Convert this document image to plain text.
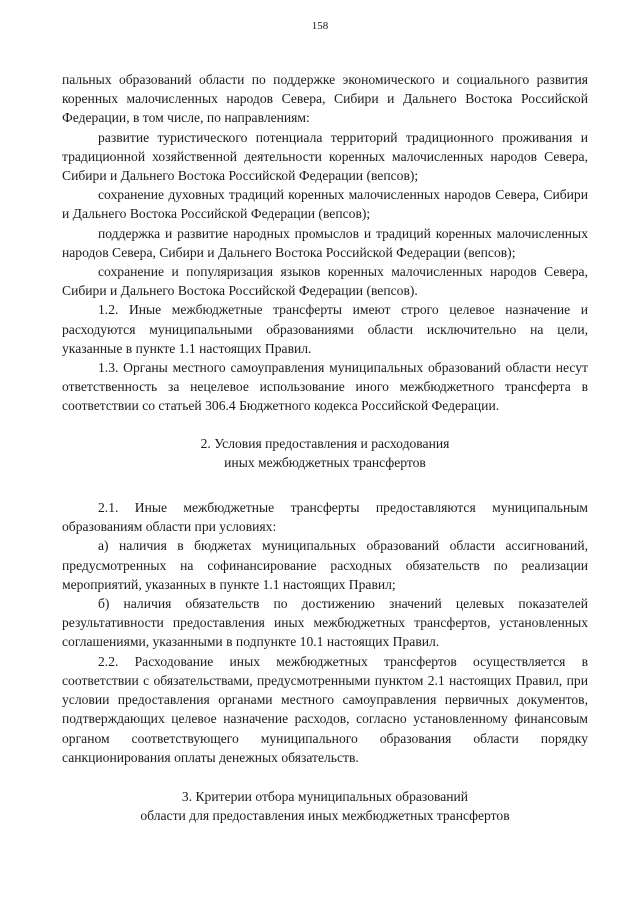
158

пальных образований области по поддержке экономического и социального развития коренных малочисленных народов Севера, Сибири и Дальнего Востока Российской Федерации, в том числе, по направлениям:

развитие туристического потенциала территорий традиционного проживания и традиционной хозяйственной деятельности коренных малочисленных народов Севера, Сибири и Дальнего Востока Российской Федерации (вепсов);

сохранение духовных традиций коренных малочисленных народов Севера, Сибири и Дальнего Востока Российской Федерации (вепсов);

поддержка и развитие народных промыслов и традиций коренных малочисленных народов Севера, Сибири и Дальнего Востока Российской Федерации (вепсов);

сохранение и популяризация языков коренных малочисленных народов Севера, Сибири и Дальнего Востока Российской Федерации (вепсов).

1.2. Иные межбюджетные трансферты имеют строго целевое назначение и расходуются муниципальными образованиями области исключительно на цели, указанные в пункте 1.1 настоящих Правил.

1.3. Органы местного самоуправления муниципальных образований области несут ответственность за нецелевое использование иного межбюджетного трансферта в соответствии со статьей 306.4 Бюджетного кодекса Российской Федерации.

2. Условия предоставления и расходования
иных межбюджетных трансфертов

2.1. Иные межбюджетные трансферты предоставляются муниципальным образованиям области при условиях:

а) наличия в бюджетах муниципальных образований области ассигнований, предусмотренных на софинансирование расходных обязательств по реализации мероприятий, указанных в пункте 1.1 настоящих Правил;

б) наличия обязательств по достижению значений целевых показателей результативности предоставления иных межбюджетных трансфертов, установленных соглашениями, указанными в подпункте 10.1 настоящих Правил.

2.2. Расходование иных межбюджетных трансфертов осуществляется в соответствии с обязательствами, предусмотренными пунктом 2.1 настоящих Правил, при условии предоставления органами местного самоуправления первичных документов, подтверждающих целевое назначение расходов, согласно установленному финансовым органом соответствующего муниципального образования области порядку санкционирования оплаты денежных обязательств.

3. Критерии отбора муниципальных образований
области для предоставления иных межбюджетных трансфертов
